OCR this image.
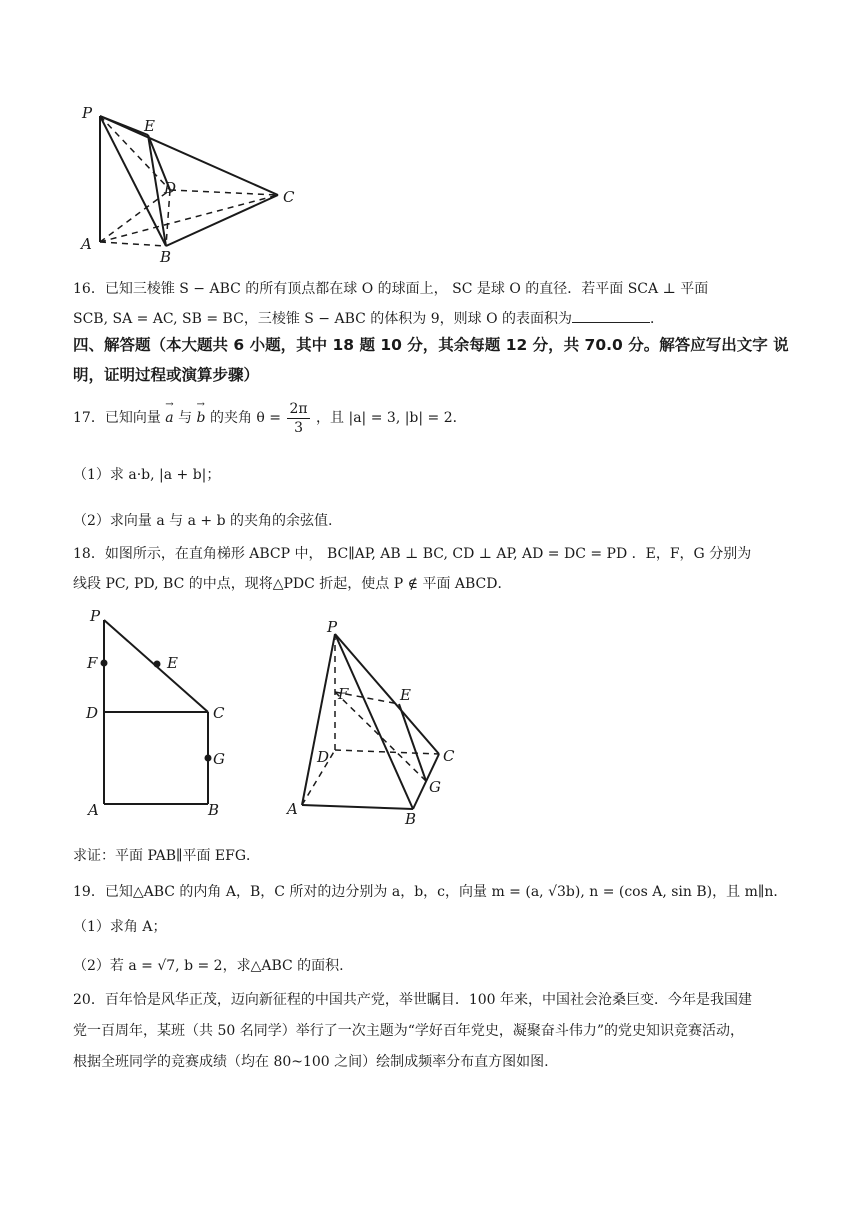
P
E
D	C
A
B
16．已知三棱锥 S − ABC 的所有顶点都在球 O 的球面上， SC 是球 O 的直径．若平面 SCA ⊥ 平面
SCB, SA = AC, SB = BC，三棱锥 S − ABC 的体积为 9，则球 O 的表面积为	．
四、解答题（本大题共 6 小题，其中 18 题 10 分，其余每题 12 分，共 70.0 分。解答应写出文字 说明，证明过程或演算步骤）
17．已知向量 → a 与 → b 的夹角 $\theta = \frac{2\pi}{3}$ ，且 |a| = 3, |b| = 2．
（1）求 a·b, |a + b|；
（2）求向量 a 与 a + b 的夹角的余弦值.
18．如图所示，在直角梯形 ABCP 中， BC∥AP, AB ⊥ BC, CD ⊥ AP, AD = DC = PD ．E，F，G 分别为
线段 PC, PD, BC 的中点，现将△PDC 折起，使点 P ∉ 平面 ABCD．
P
F	E
D	C
G
A	B
P
F	E
D	C
G
A
B
求证：平面 PAB∥平面 EFG．
19．已知△ABC 的内角 A，B，C 所对的边分别为 a，b，c，向量 m = (a, √3b), n = (cos A, sin B)，且 m∥n．
（1）求角 A；
（2）若 a = √7, b = 2，求△ABC 的面积.
20．百年恰是风华正茂，迈向新征程的中国共产党，举世瞩目．100 年来，中国社会沧桑巨变．今年是我国建
党一百周年，某班（共 50 名同学）举行了一次主题为“学好百年党史，凝聚奋斗伟力”的党史知识竞赛活动，
根据全班同学的竞赛成绩（均在 80~100 之间）绘制成频率分布直方图如图.
